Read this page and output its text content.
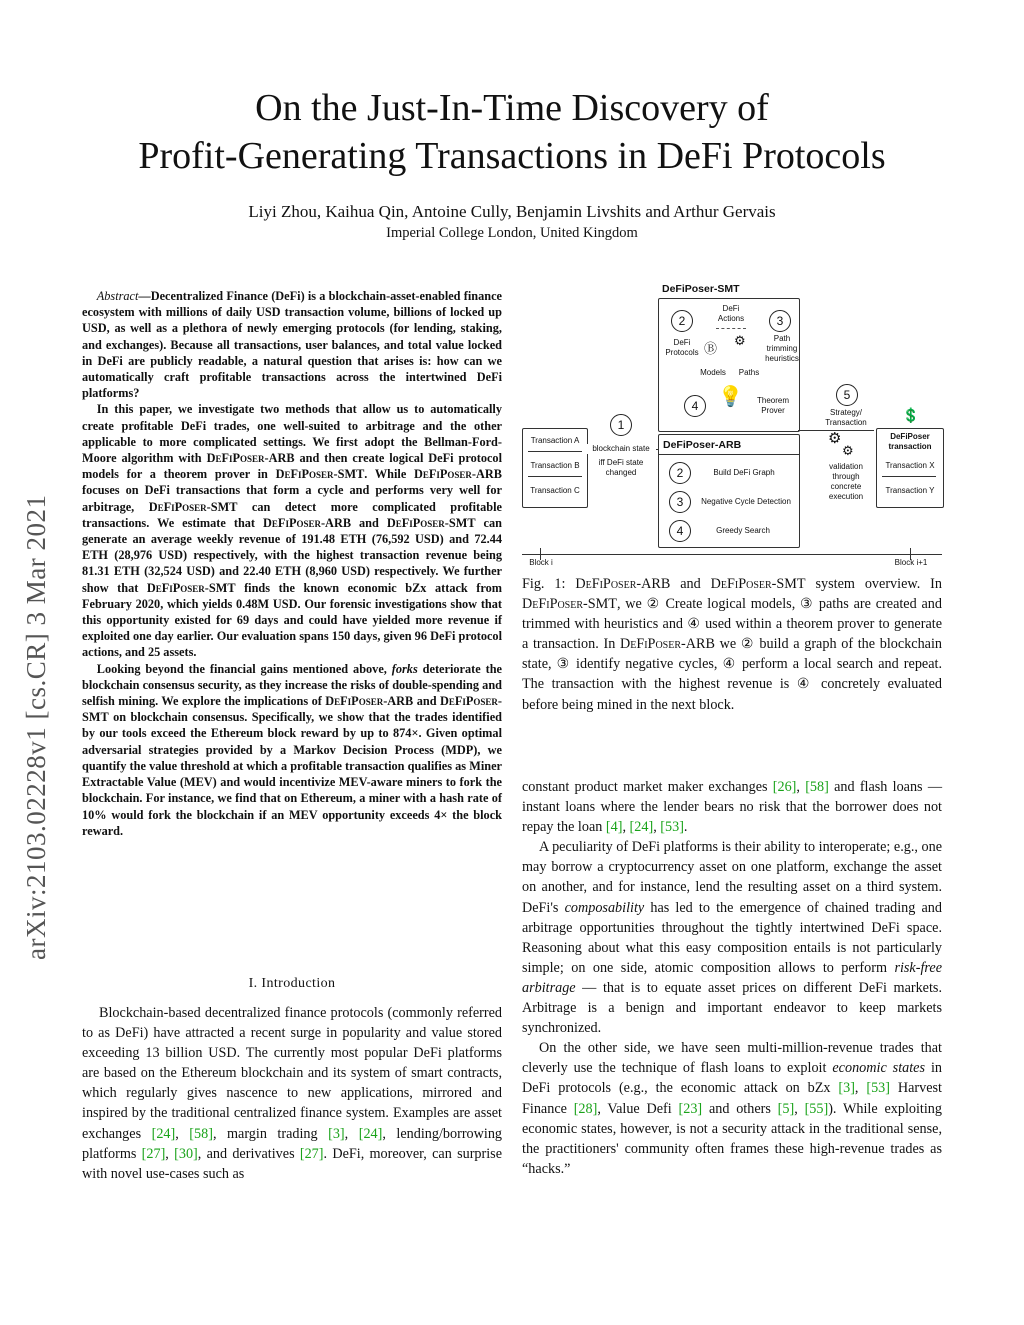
On the Just-In-Time Discovery of
Profit-Generating Transactions in DeFi Protocols
Liyi Zhou, Kaihua Qin, Antoine Cully, Benjamin Livshits and Arthur Gervais
Imperial College London, United Kingdom
arXiv:2103.02228v1 [cs.CR] 3 Mar 2021

Abstract—Decentralized Finance (DeFi) is a blockchain-asset-enabled finance ecosystem with millions of daily USD transaction volume, billions of locked up USD, as well as a plethora of newly emerging protocols (for lending, staking, and exchanges). Because all transactions, user balances, and total value locked in DeFi are publicly readable, a natural question that arises is: how can we automatically craft profitable transactions across the intertwined DeFi platforms?

In this paper, we investigate two methods that allow us to automatically create profitable DeFi trades, one well-suited to arbitrage and the other applicable to more complicated settings. We first adopt the Bellman-Ford-Moore algorithm with DeFiPoser-ARB and then create logical DeFi protocol models for a theorem prover in DeFiPoser-SMT. While DeFiPoser-ARB focuses on DeFi transactions that form a cycle and performs very well for arbitrage, DeFiPoser-SMT can detect more complicated profitable transactions. We estimate that DeFiPoser-ARB and DeFiPoser-SMT can generate an average weekly revenue of 191.48 ETH (76,592 USD) and 72.44 ETH (28,976 USD) respectively, with the highest transaction revenue being 81.31 ETH (32,524 USD) and 22.40 ETH (8,960 USD) respectively. We further show that DeFiPoser-SMT finds the known economic bZx attack from February 2020, which yields 0.48M USD. Our forensic investigations show that this opportunity existed for 69 days and could have yielded more revenue if exploited one day earlier. Our evaluation spans 150 days, given 96 DeFi protocol actions, and 25 assets.

Looking beyond the financial gains mentioned above, forks deteriorate the blockchain consensus security, as they increase the risks of double-spending and selfish mining. We explore the implications of DeFiPoser-ARB and DeFiPoser-SMT on blockchain consensus. Specifically, we show that the trades identified by our tools exceed the Ethereum block reward by up to 874×. Given optimal adversarial strategies provided by a Markov Decision Process (MDP), we quantify the value threshold at which a profitable transaction qualifies as Miner Extractable Value (MEV) and would incentivize MEV-aware miners to fork the blockchain. For instance, we find that on Ethereum, a miner with a hash rate of 10% would fork the blockchain if an MEV opportunity exceeds 4× the block reward.

I. Introduction

Blockchain-based decentralized finance protocols (commonly referred to as DeFi) have attracted a recent surge in popularity and value stored exceeding 13 billion USD. The currently most popular DeFi platforms are based on the Ethereum blockchain and its system of smart contracts, which regularly gives nascence to new applications, mirrored and inspired by the traditional centralized finance system. Examples are asset exchanges [24], [58], margin trading [3], [24], lending/borrowing platforms [27], [30], and derivatives [27]. DeFi, moreover, can surprise with novel use-cases such as

DeFiPoser-SMT
2	3
DeFi
Actions
DeFi
Protocols Ⓑ
⚙	Path
trimming
heuristics
Models	Paths
4 💡	Theorem
Prover
DeFiPoser-ARB
2	Build DeFi Graph
3	Negative Cycle Detection
4	Greedy Search
Transaction A
Transaction B
Transaction C
1
blockchain state
iff DeFi state
changed
5
Strategy/
Transaction
⚙
⚙
validation
through
concrete
execution
💲
DeFiPoser
transaction
Transaction X
Transaction Y
Block i	Block i+1

Fig. 1: DeFiPoser-ARB and DeFiPoser-SMT system overview. In DeFiPoser-SMT, we ② Create logical models, ③ paths are created and trimmed with heuristics and ④ used within a theorem prover to generate a transaction. In DeFiPoser-ARB we ② build a graph of the blockchain state, ③ identify negative cycles, ④ perform a local search and repeat. The transaction with the highest revenue is ④ concretely evaluated before being mined in the next block.

constant product market maker exchanges [26], [58] and flash loans — instant loans where the lender bears no risk that the borrower does not repay the loan [4], [24], [53].

A peculiarity of DeFi platforms is their ability to interoperate; e.g., one may borrow a cryptocurrency asset on one platform, exchange the asset on another, and for instance, lend the resulting asset on a third system. DeFi's composability has led to the emergence of chained trading and arbitrage opportunities throughout the tightly intertwined DeFi space. Reasoning about what this easy composition entails is not particularly simple; on one side, atomic composition allows to perform risk-free arbitrage — that is to equate asset prices on different DeFi markets. Arbitrage is a benign and important endeavor to keep markets synchronized.

On the other side, we have seen multi-million-revenue trades that cleverly use the technique of flash loans to exploit economic states in DeFi protocols (e.g., the economic attack on bZx [3], [53] Harvest Finance [28], Value Defi [23] and others [5], [55]). While exploiting economic states, however, is not a security attack in the traditional sense, the practitioners' community often frames these high-revenue trades as “hacks.”
